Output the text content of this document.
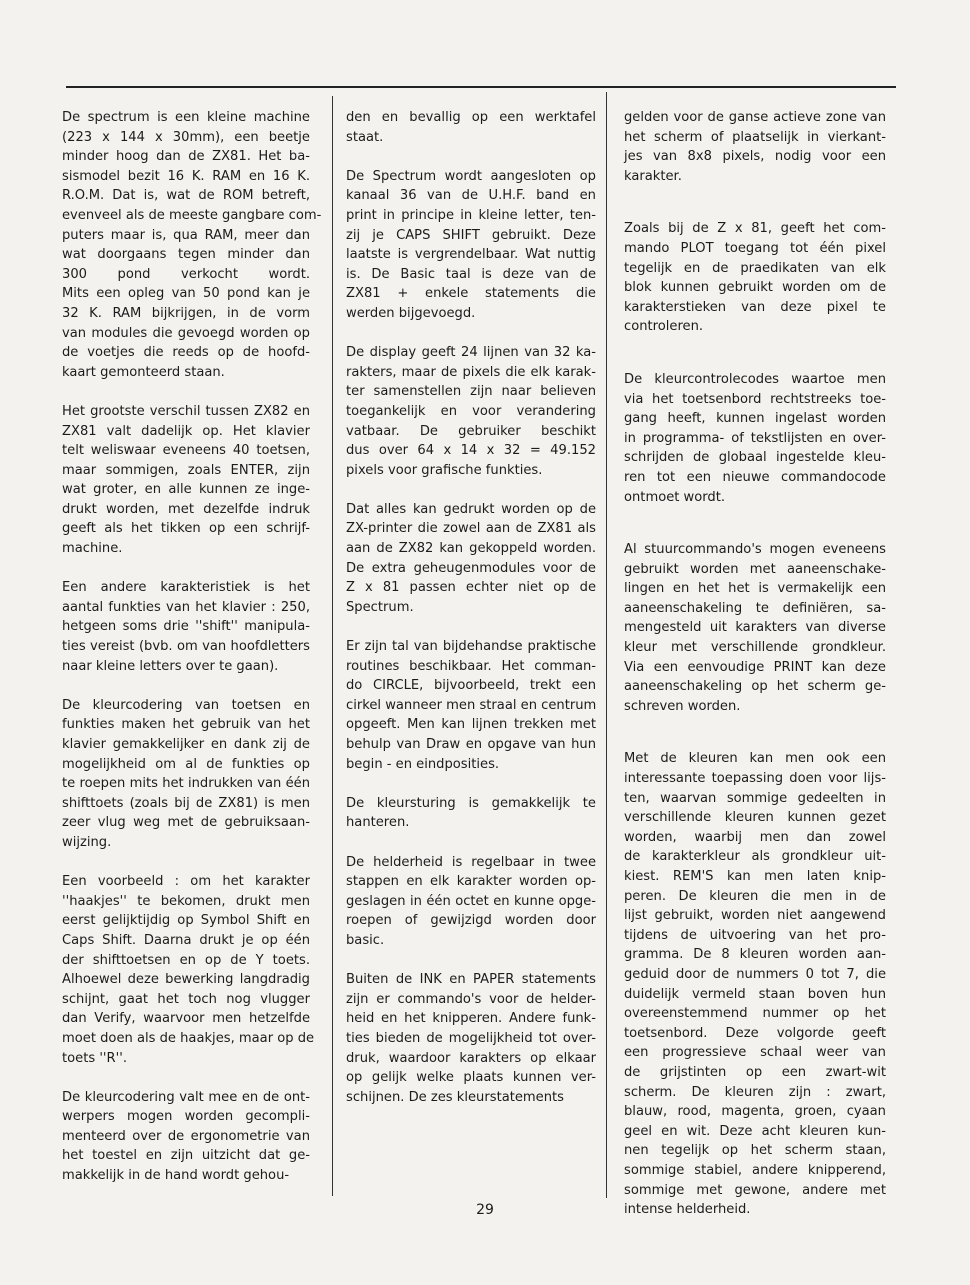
De spectrum is een kleine machine
(223 x 144 x 30mm), een beetje
minder hoog dan de ZX81. Het ba-
sismodel bezit 16 K. RAM en 16 K.
R.O.M. Dat is, wat de ROM betreft,
evenveel als de meeste gangbare com-
puters maar is, qua RAM, meer dan
wat doorgaans tegen minder dan
300 pond verkocht wordt.
Mits een opleg van 50 pond kan je
32 K. RAM bijkrijgen, in de vorm
van modules die gevoegd worden op
de voetjes die reeds op de hoofd-
kaart gemonteerd staan.

Het grootste verschil tussen ZX82 en
ZX81 valt dadelijk op. Het klavier
telt weliswaar eveneens 40 toetsen,
maar sommigen, zoals ENTER, zijn
wat groter, en alle kunnen ze inge-
drukt worden, met dezelfde indruk
geeft als het tikken op een schrijf-
machine.

Een andere karakteristiek is het
aantal funkties van het klavier : 250,
hetgeen soms drie ''shift'' manipula-
ties vereist (bvb. om van hoofdletters
naar kleine letters over te gaan).

De kleurcodering van toetsen en
funkties maken het gebruik van het
klavier gemakkelijker en dank zij de
mogelijkheid om al de funkties op
te roepen mits het indrukken van één
shifttoets (zoals bij de ZX81) is men
zeer vlug weg met de gebruiksaan-
wijzing.

Een voorbeeld : om het karakter
''haakjes'' te bekomen, drukt men
eerst gelijktijdig op Symbol Shift en
Caps Shift. Daarna drukt je op één
der shifttoetsen en op de Y toets.
Alhoewel deze bewerking langdradig
schijnt, gaat het toch nog vlugger
dan Verify, waarvoor men hetzelfde
moet doen als de haakjes, maar op de
toets ''R''.

De kleurcodering valt mee en de ont-
werpers mogen worden gecompli-
menteerd over de ergonometrie van
het toestel en zijn uitzicht dat ge-
makkelijk in de hand wordt gehou-

den en bevallig op een werktafel
staat.

De Spectrum wordt aangesloten op
kanaal 36 van de U.H.F. band en
print in principe in kleine letter, ten-
zij je CAPS SHIFT gebruikt. Deze
laatste is vergrendelbaar. Wat nuttig
is. De Basic taal is deze van de
ZX81 + enkele statements die
werden bijgevoegd.

De display geeft 24 lijnen van 32 ka-
rakters, maar de pixels die elk karak-
ter samenstellen zijn naar believen
toegankelijk en voor verandering
vatbaar. De gebruiker beschikt
dus over 64 x 14 x 32 = 49.152
pixels voor grafische funkties.

Dat alles kan gedrukt worden op de
ZX-printer die zowel aan de ZX81 als
aan de ZX82 kan gekoppeld worden.
De extra geheugenmodules voor de
Z x 81 passen echter niet op de
Spectrum.

Er zijn tal van bijdehandse praktische
routines beschikbaar. Het comman-
do CIRCLE, bijvoorbeeld, trekt een
cirkel wanneer men straal en centrum
opgeeft. Men kan lijnen trekken met
behulp van Draw en opgave van hun
begin - en eindposities.

De kleursturing is gemakkelijk te
hanteren.

De helderheid is regelbaar in twee
stappen en elk karakter worden op-
geslagen in één octet en kunne opge-
roepen of gewijzigd worden door
basic.

Buiten de INK en PAPER statements
zijn er commando's voor de helder-
heid en het knipperen. Andere funk-
ties bieden de mogelijkheid tot over-
druk, waardoor karakters op elkaar
op gelijk welke plaats kunnen ver-
schijnen. De zes kleurstatements

gelden voor de ganse actieve zone van
het scherm of plaatselijk in vierkant-
jes van 8x8 pixels, nodig voor een
karakter.

Zoals bij de Z x 81, geeft het com-
mando PLOT toegang tot één pixel
tegelijk en de praedikaten van elk
blok kunnen gebruikt worden om de
karakterstieken van deze pixel te
controleren.

De kleurcontrolecodes waartoe men
via het toetsenbord rechtstreeks toe-
gang heeft, kunnen ingelast worden
in programma- of tekstlijsten en over-
schrijden de globaal ingestelde kleu-
ren tot een nieuwe commandocode
ontmoet wordt.

Al stuurcommando's mogen eveneens
gebruikt worden met aaneenschake-
lingen en het het is vermakelijk een
aaneenschakeling te definiëren, sa-
mengesteld uit karakters van diverse
kleur met verschillende grondkleur.
Via een eenvoudige PRINT kan deze
aaneenschakeling op het scherm ge-
schreven worden.

Met de kleuren kan men ook een
interessante toepassing doen voor lijs-
ten, waarvan sommige gedeelten in
verschillende kleuren kunnen gezet
worden, waarbij men dan zowel
de karakterkleur als grondkleur uit-
kiest. REM'S kan men laten knip-
peren. De kleuren die men in de
lijst gebruikt, worden niet aangewend
tijdens de uitvoering van het pro-
gramma. De 8 kleuren worden aan-
geduid door de nummers 0 tot 7, die
duidelijk vermeld staan boven hun
overeenstemmend nummer op het
toetsenbord. Deze volgorde geeft
een progressieve schaal weer van
de grijstinten op een zwart-wit
scherm. De kleuren zijn : zwart,
blauw, rood, magenta, groen, cyaan
geel en wit. Deze acht kleuren kun-
nen tegelijk op het scherm staan,
sommige stabiel, andere knipperend,
sommige met gewone, andere met
intense helderheid.

29
